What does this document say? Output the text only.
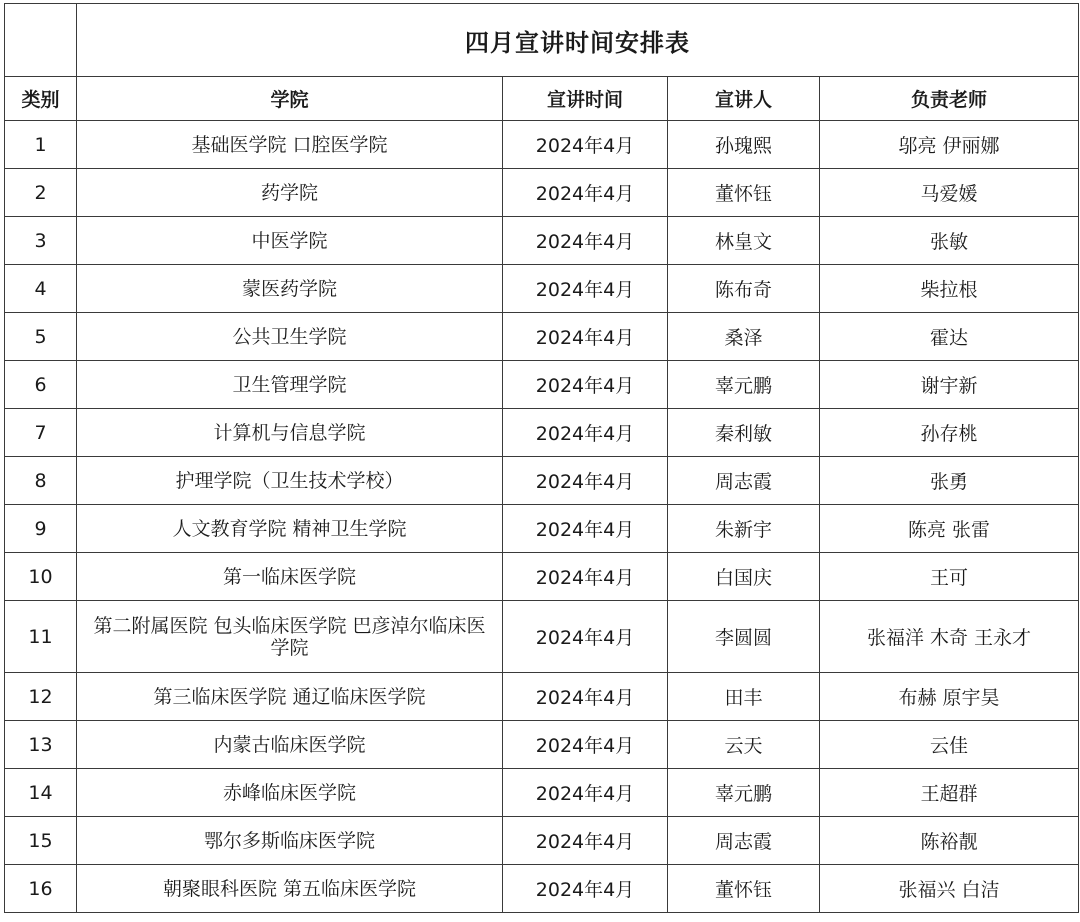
	四月宣讲时间安排表			
类别	学院	宣讲时间	宣讲人	负责老师
1	基础医学院 口腔医学院	2024年4月	孙瑰熙	邬亮 伊丽娜
2	药学院	2024年4月	董怀钰	马爱媛
3	中医学院	2024年4月	林皇文	张敏
4	蒙医药学院	2024年4月	陈布奇	柴拉根
5	公共卫生学院	2024年4月	桑泽	霍达
6	卫生管理学院	2024年4月	辜元鹏	谢宇新
7	计算机与信息学院	2024年4月	秦利敏	孙存桃
8	护理学院（卫生技术学校）	2024年4月	周志霞	张勇
9	人文教育学院 精神卫生学院	2024年4月	朱新宇	陈亮 张雷
10	第一临床医学院	2024年4月	白国庆	王可
11	第二附属医院 包头临床医学院 巴彦淖尔临床医学院	2024年4月	李圆圆	张福洋 木奇 王永才
12	第三临床医学院 通辽临床医学院	2024年4月	田丰	布赫 原宇昊
13	内蒙古临床医学院	2024年4月	云天	云佳
14	赤峰临床医学院	2024年4月	辜元鹏	王超群
15	鄂尔多斯临床医学院	2024年4月	周志霞	陈裕靓
16	朝聚眼科医院 第五临床医学院	2024年4月	董怀钰	张福兴 白洁
